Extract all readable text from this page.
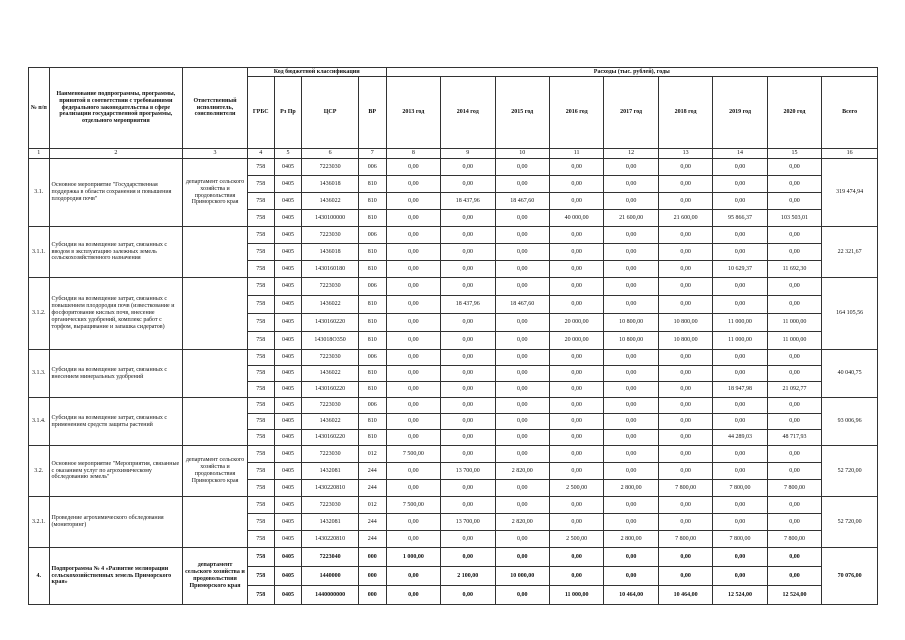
№ п/п	Наименование подпрограммы, программы, принятой в соответствии с требованиями федерального законодательства в сфере реализации государственной программы, отдельного мероприятия	Ответственный исполнитель, соисполнители	Код бюджетной классификации				Расходы (тыс. рублей), годы								
			ГРБС	Рз Пр	ЦСР	ВР	2013 год	2014 год	2015 год	2016 год	2017 год	2018 год	2019 год	2020 год	Всего
1	2	3	4	5	6	7	8	9	10	11	12	13	14	15	16
3.1.	Основное мероприятие "Государственная поддержка в области сохранения и повышения плодородия почв"	департамент сельского хозяйства и продовольствия Приморского края	758	0405	7223030	006	0,00	0,00	0,00	0,00	0,00	0,00	0,00	0,00	319 474,94
			758	0405	1436018	810	0,00	0,00	0,00	0,00	0,00	0,00	0,00	0,00	
			758	0405	1436022	810	0,00	18 437,96	18 467,60	0,00	0,00	0,00	0,00	0,00	
			758	0405	1430100000	810	0,00	0,00	0,00	40 000,00	21 600,00	21 600,00	95 866,37	103 503,01	
3.1.1.	Субсидии на возмещение затрат, связанных с вводом в эксплуатацию залежных земель сельскохозяйственного назначения		758	0405	7223030	006	0,00	0,00	0,00	0,00	0,00	0,00	0,00	0,00	22 321,67
			758	0405	1436018	810	0,00	0,00	0,00	0,00	0,00	0,00	0,00	0,00	
			758	0405	1430160180	810	0,00	0,00	0,00	0,00	0,00	0,00	10 629,37	11 692,30	
3.1.2.	Субсидии на возмещение затрат, связанных с повышением плодородия почв (известкование и фосфоритование кислых почв, внесение органических удобрений, комплекс работ с торфом, выращивание и запашка сидератов)		758	0405	7223030	006	0,00	0,00	0,00	0,00	0,00	0,00	0,00	0,00	164 105,56
			758	0405	1436022	810	0,00	18 437,96	18 467,60	0,00	0,00	0,00	0,00	0,00	
			758	0405	1430160220	810	0,00	0,00	0,00	20 000,00	10 800,00	10 800,00	11 000,00	11 000,00	
			758	0405	143018О350	810	0,00	0,00	0,00	20 000,00	10 800,00	10 800,00	11 000,00	11 000,00	
3.1.3.	Субсидии на возмещение затрат, связанных с внесением минеральных удобрений		758	0405	7223030	006	0,00	0,00	0,00	0,00	0,00	0,00	0,00	0,00	40 040,75
			758	0405	1436022	810	0,00	0,00	0,00	0,00	0,00	0,00	0,00	0,00	
			758	0405	1430160220	810	0,00	0,00	0,00	0,00	0,00	0,00	18 947,98	21 092,77	
3.1.4.	Субсидии на возмещение затрат, связанных с применением средств защиты растений		758	0405	7223030	006	0,00	0,00	0,00	0,00	0,00	0,00	0,00	0,00	93 006,96
			758	0405	1436022	810	0,00	0,00	0,00	0,00	0,00	0,00	0,00	0,00	
			758	0405	1430160220	810	0,00	0,00	0,00	0,00	0,00	0,00	44 289,03	48 717,93	
3.2.	Основное мероприятие "Мероприятия, связанные с оказанием услуг по агрохимическому обследованию земель"	департамент сельского хозяйства и продовольствия Приморского края	758	0405	7223030	012	7 500,00	0,00	0,00	0,00	0,00	0,00	0,00	0,00	52 720,00
			758	0405	1432081	244	0,00	13 700,00	2 820,00	0,00	0,00	0,00	0,00	0,00	
			758	0405	1430220810	244	0,00	0,00	0,00	2 500,00	2 800,00	7 800,00	7 800,00	7 800,00	
3.2.1.	Проведение агрохимического обследования (мониторинг)		758	0405	7223030	012	7 500,00	0,00	0,00	0,00	0,00	0,00	0,00	0,00	52 720,00
			758	0405	1432081	244	0,00	13 700,00	2 820,00	0,00	0,00	0,00	0,00	0,00	
			758	0405	1430220810	244	0,00	0,00	0,00	2 500,00	2 800,00	7 800,00	7 800,00	7 800,00	
4.	Подпрограмма № 4 «Развитие мелиорации сельскохозяйственных земель Приморского края»	департамент сельского хозяйства и продовольствия Приморского края	758	0405	7223040	000	1 000,00	0,00	0,00	0,00	0,00	0,00	0,00	0,00	70 076,00
			758	0405	1440000	000	0,00	2 100,00	10 000,00	0,00	0,00	0,00	0,00	0,00	
			758	0405	1440000000	000	0,00	0,00	0,00	11 000,00	10 464,00	10 464,00	12 524,00	12 524,00	
